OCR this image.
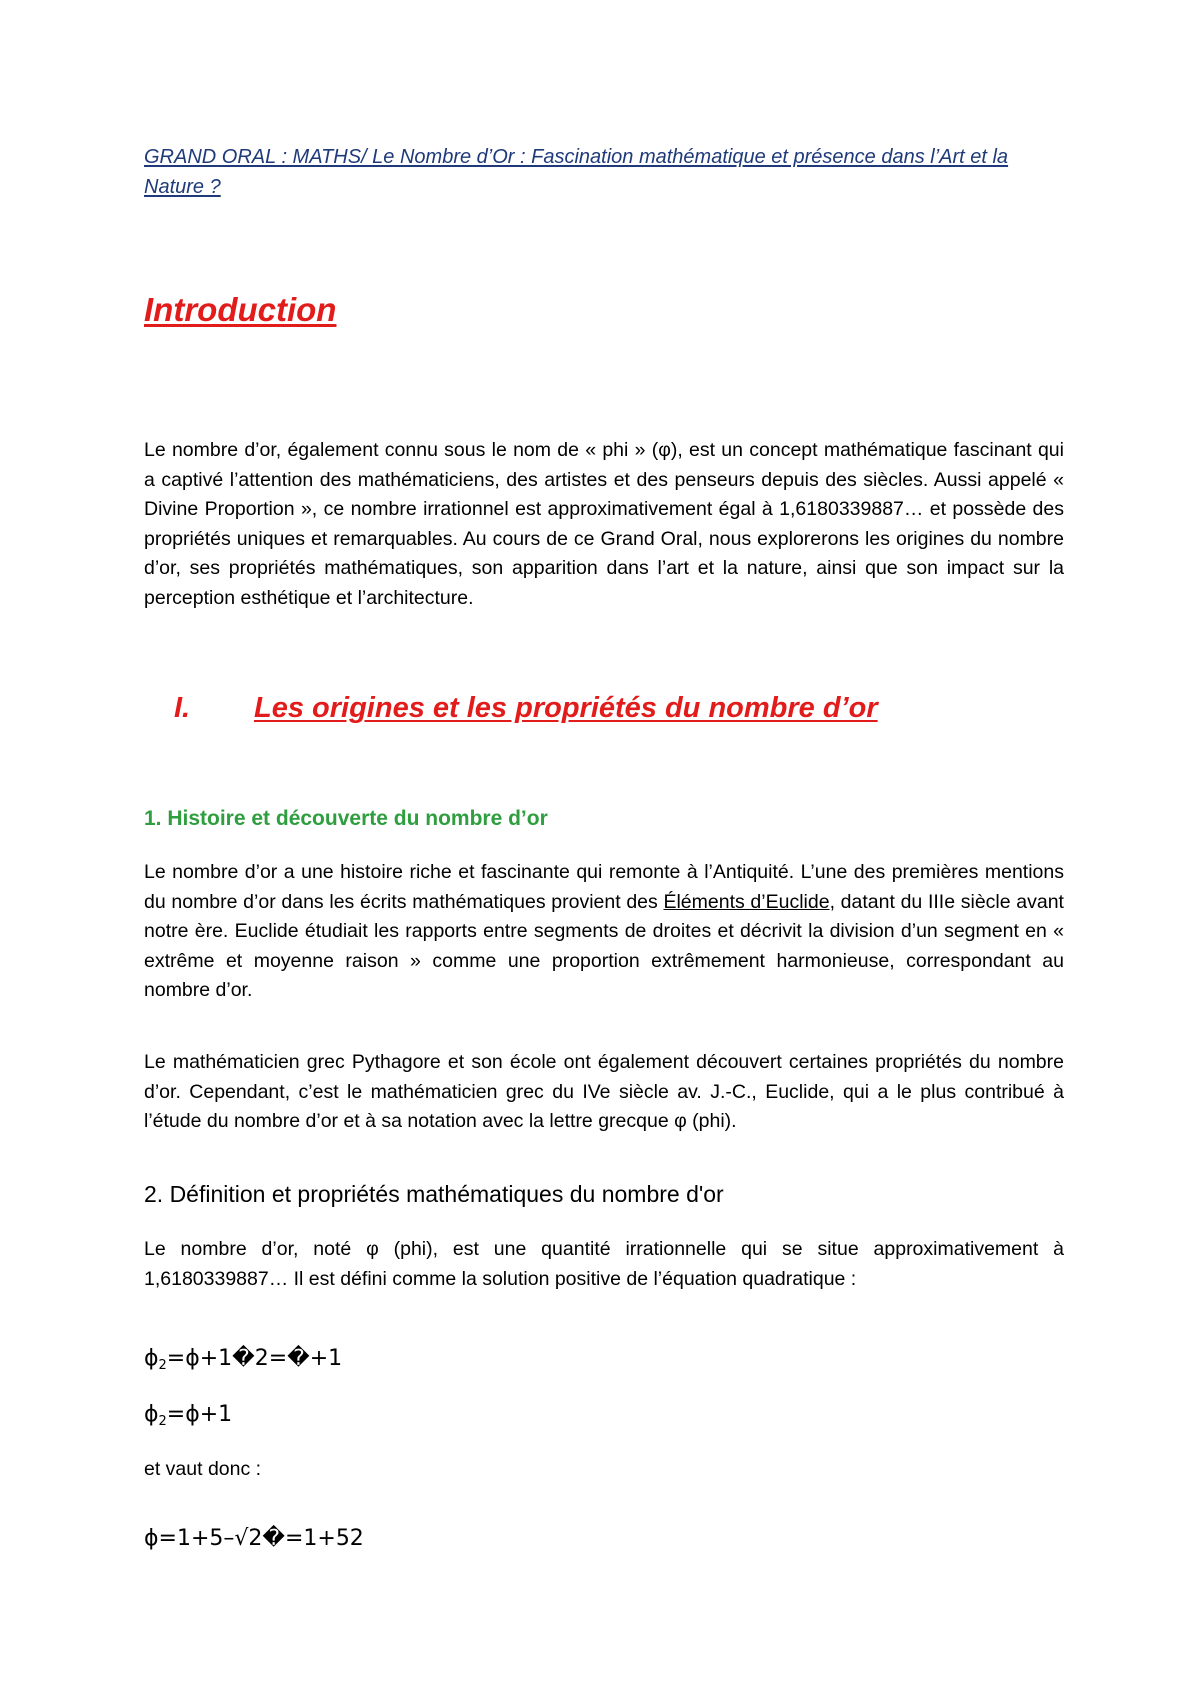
GRAND ORAL : MATHS/ Le Nombre d’Or : Fascination mathématique et présence dans l’Art et la Nature ?

Introduction

Le nombre d’or, également connu sous le nom de « phi » (φ), est un concept mathématique fascinant qui a captivé l’attention des mathématiciens, des artistes et des penseurs depuis des siècles. Aussi appelé « Divine Proportion », ce nombre irrationnel est approximativement égal à 1,6180339887… et possède des propriétés uniques et remarquables. Au cours de ce Grand Oral, nous explorerons les origines du nombre d’or, ses propriétés mathématiques, son apparition dans l’art et la nature, ainsi que son impact sur la perception esthétique et l’architecture.

I. Les origines et les propriétés du nombre d’or
1. Histoire et découverte du nombre d’or

Le nombre d’or a une histoire riche et fascinante qui remonte à l’Antiquité. L’une des premières mentions du nombre d’or dans les écrits mathématiques provient des Éléments d’Euclide, datant du IIIe siècle avant notre ère. Euclide étudiait les rapports entre segments de droites et décrivit la division d’un segment en « extrême et moyenne raison » comme une proportion extrêmement harmonieuse, correspondant au nombre d’or.

Le mathématicien grec Pythagore et son école ont également découvert certaines propriétés du nombre d’or. Cependant, c’est le mathématicien grec du IVe siècle av. J.-C., Euclide, qui a le plus contribué à l’étude du nombre d’or et à sa notation avec la lettre grecque φ (phi).

2. Définition et propriétés mathématiques du nombre d'or

Le nombre d’or, noté φ (phi), est une quantité irrationnelle qui se situe approximativement à 1,6180339887… Il est défini comme la solution positive de l’équation quadratique :

$\phi_2=\phi+1�2=�+1$

$\phi_2=\phi+1$

et vaut donc :

ϕ=1+5–√2�=1+52
